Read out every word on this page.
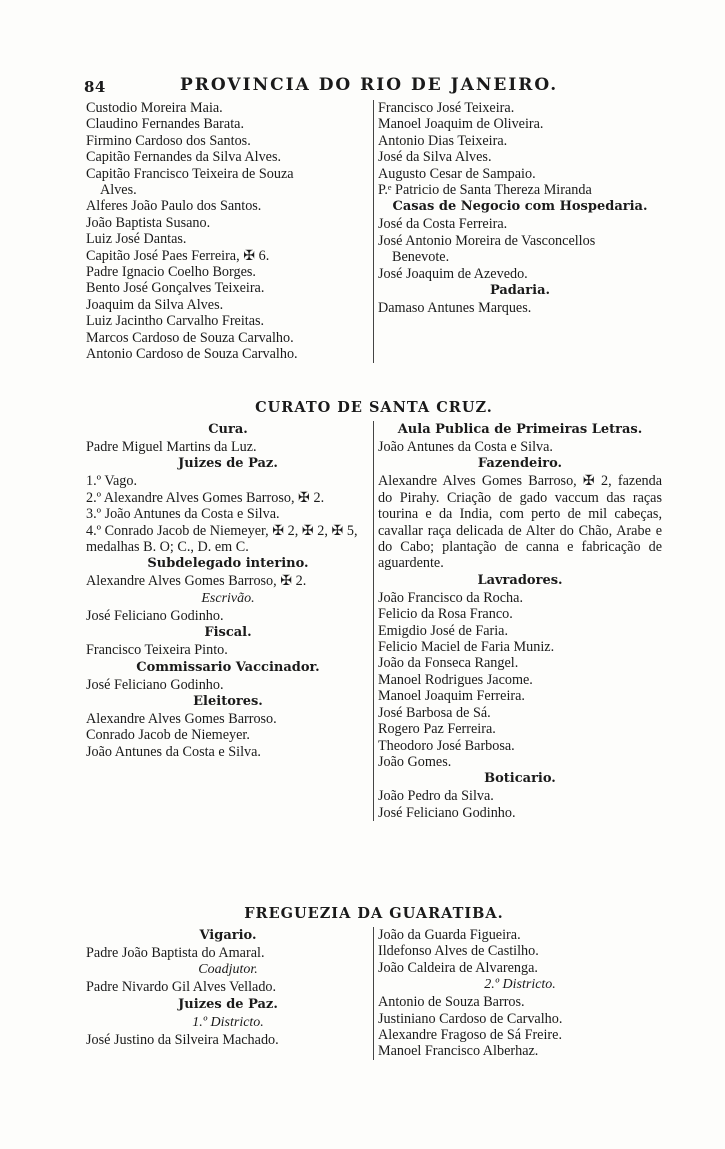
84	PROVINCIA DO RIO DE JANEIRO.
Custodio Moreira Maia.
Claudino Fernandes Barata.
Firmino Cardoso dos Santos.
Capitão Fernandes da Silva Alves.
Capitão Francisco Teixeira de Souza
Alves.
Alferes João Paulo dos Santos.
João Baptista Susano.
Luiz José Dantas.
Capitão José Paes Ferreira, ✠ 6.
Padre Ignacio Coelho Borges.
Bento José Gonçalves Teixeira.
Joaquim da Silva Alves.
Luiz Jacintho Carvalho Freitas.
Marcos Cardoso de Souza Carvalho.
Antonio Cardoso de Souza Carvalho.
Francisco José Teixeira.
Manoel Joaquim de Oliveira.
Antonio Dias Teixeira.
José da Silva Alves.
Augusto Cesar de Sampaio.
P.ᵉ Patricio de Santa Thereza Miranda
Casas de Negocio com Hospedaria.
José da Costa Ferreira.
José Antonio Moreira de Vasconcellos
Benevote.
José Joaquim de Azevedo.
Padaria.
Damaso Antunes Marques.
CURATO DE SANTA CRUZ.
Cura.
Padre Miguel Martins da Luz.
Juizes de Paz.
1.º Vago.
2.º Alexandre Alves Gomes Barroso, ✠ 2.
3.º João Antunes da Costa e Silva.
4.º Conrado Jacob de Niemeyer, ✠ 2, ✠ 2, ✠ 5, medalhas B. O; C., D. em C.
Subdelegado interino.
Alexandre Alves Gomes Barroso, ✠ 2.
Escrivão.
José Feliciano Godinho.
Fiscal.
Francisco Teixeira Pinto.
Commissario Vaccinador.
José Feliciano Godinho.
Eleitores.
Alexandre Alves Gomes Barroso.
Conrado Jacob de Niemeyer.
João Antunes da Costa e Silva.
Aula Publica de Primeiras Letras.
João Antunes da Costa e Silva.
Fazendeiro.
Alexandre Alves Gomes Barroso, ✠ 2, fazenda do Pirahy. Criação de gado vaccum das raças tourina e da India, com perto de mil cabeças, cavallar raça delicada de Alter do Chão, Arabe e do Cabo; plantação de canna e fabricação de aguardente.
Lavradores.
João Francisco da Rocha.
Felicio da Rosa Franco.
Emigdio José de Faria.
Felicio Maciel de Faria Muniz.
João da Fonseca Rangel.
Manoel Rodrigues Jacome.
Manoel Joaquim Ferreira.
José Barbosa de Sá.
Rogero Paz Ferreira.
Theodoro José Barbosa.
João Gomes.
Boticario.
João Pedro da Silva.
José Feliciano Godinho.
FREGUEZIA DA GUARATIBA.
Vigario.
Padre João Baptista do Amaral.
Coadjutor.
Padre Nivardo Gil Alves Vellado.
Juizes de Paz.
1.º Districto.
José Justino da Silveira Machado.
João da Guarda Figueira.
Ildefonso Alves de Castilho.
João Caldeira de Alvarenga.
2.º Districto.
Antonio de Souza Barros.
Justiniano Cardoso de Carvalho.
Alexandre Fragoso de Sá Freire.
Manoel Francisco Alberhaz.
